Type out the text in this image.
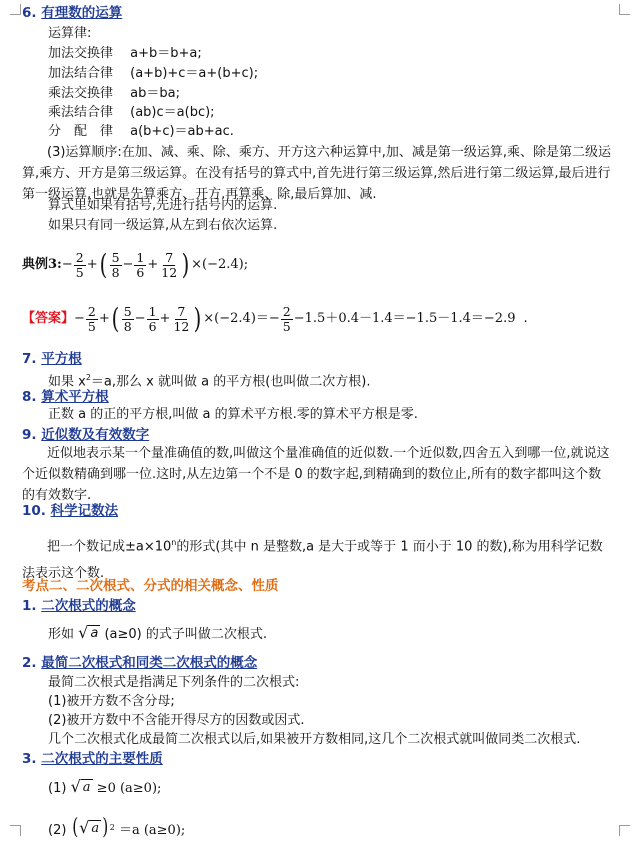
6. 有理数的运算
运算律:
加法交换律 a+b＝b+a;
加法结合律 (a+b)+c＝a+(b+c);
乘法交换律 ab＝ba;
乘法结合律 (ab)c＝a(bc);
分　配　律 a(b+c)＝ab+ac.
(3)运算顺序:在加、减、乘、除、乘方、开方这六种运算中,加、减是第一级运算,乘、除是第二级运算,乘方、开方是第三级运算。在没有括号的算式中,首先进行第三级运算,然后进行第二级运算,最后进行第一级运算,也就是先算乘方、开方,再算乘、除,最后算加、减.
算式里如果有括号,先进行括号内的运算.
如果只有同一级运算,从左到右依次运算.
典例3: − $\frac{2}{5}$ + ( $\frac{5}{8} - \frac{1}{6} + \frac{7}{12}$ ) ×(−2.4) ;
【答案】 − $\frac{2}{5}$ + ( $\frac{5}{8} - \frac{1}{6} + \frac{7}{12}$ ) $\times(-2.4) =- \frac{2}{5} -1.5+0.4-1.4=-1.5-1.4=-2.9$ .
7. 平方根
如果 $x^2=a$,那么 x 就叫做 a 的平方根(也叫做二次方根).
8. 算术平方根
正数 a 的正的平方根,叫做 a 的算术平方根.零的算术平方根是零.
9. 近似数及有效数字
近似地表示某一个量准确值的数,叫做这个量准确值的近似数.一个近似数,四舍五入到哪一位,就说这个近似数精确到哪一位.这时,从左边第一个不是 0 的数字起,到精确到的数位止,所有的数字都叫这个数的有效数字.
10. 科学记数法
把一个数记成$\pm a\times 10^n$的形式(其中 n 是整数,a 是大于或等于 1 而小于 10 的数),称为用科学记数法表示这个数.
考点二、二次根式、分式的相关概念、性质
1. 二次根式的概念
形如 √ a (a≥0) 的式子叫做二次根式.
2. 最简二次根式和同类二次根式的概念
最简二次根式是指满足下列条件的二次根式:
(1)被开方数不含分母;
(2)被开方数中不含能开得尽方的因数或因式.
几个二次根式化成最简二次根式以后,如果被开方数相同,这几个二次根式就叫做同类二次根式.
3. 二次根式的主要性质
(1) √ a ≥0 (a≥0);
(2) ( √ a ) 2 ＝a (a≥0);
